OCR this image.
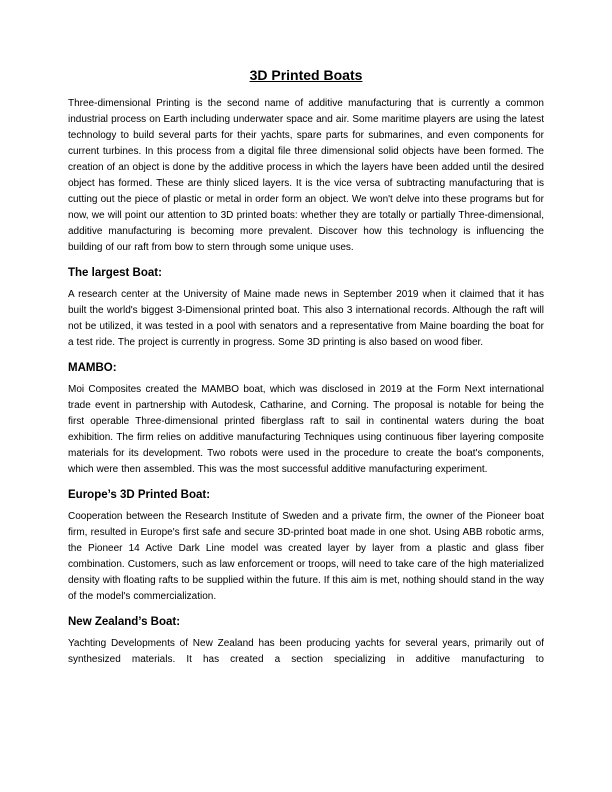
3D Printed Boats

Three-dimensional Printing is the second name of additive manufacturing that is currently a common industrial process on Earth including underwater space and air. Some maritime players are using the latest technology to build several parts for their yachts, spare parts for submarines, and even components for current turbines. In this process from a digital file three dimensional solid objects have been formed. The creation of an object is done by the additive process in which the layers have been added until the desired object has formed. These are thinly sliced layers. It is the vice versa of subtracting manufacturing that is cutting out the piece of plastic or metal in order form an object. We won't delve into these programs but for now, we will point our attention to 3D printed boats: whether they are totally or partially Three-dimensional, additive manufacturing is becoming more prevalent. Discover how this technology is influencing the building of our raft from bow to stern through some unique uses.

The largest Boat:

A research center at the University of Maine made news in September 2019 when it claimed that it has built the world's biggest 3-Dimensional printed boat. This also 3 international records. Although the raft will not be utilized, it was tested in a pool with senators and a representative from Maine boarding the boat for a test ride. The project is currently in progress. Some 3D printing is also based on wood fiber.

MAMBO:

Moi Composites created the MAMBO boat, which was disclosed in 2019 at the Form Next international trade event in partnership with Autodesk, Catharine, and Corning. The proposal is notable for being the first operable Three-dimensional printed fiberglass raft to sail in continental waters during the boat exhibition. The firm relies on additive manufacturing Techniques using continuous fiber layering composite materials for its development. Two robots were used in the procedure to create the boat's components, which were then assembled. This was the most successful additive manufacturing experiment.

Europe’s 3D Printed Boat:

Cooperation between the Research Institute of Sweden and a private firm, the owner of the Pioneer boat firm, resulted in Europe's first safe and secure 3D-printed boat made in one shot. Using ABB robotic arms, the Pioneer 14 Active Dark Line model was created layer by layer from a plastic and glass fiber combination. Customers, such as law enforcement or troops, will need to take care of the high materialized density with floating rafts to be supplied within the future. If this aim is met, nothing should stand in the way of the model's commercialization.

New Zealand’s Boat:

Yachting Developments of New Zealand has been producing yachts for several years, primarily out of synthesized materials. It has created a section specializing in additive manufacturing to
